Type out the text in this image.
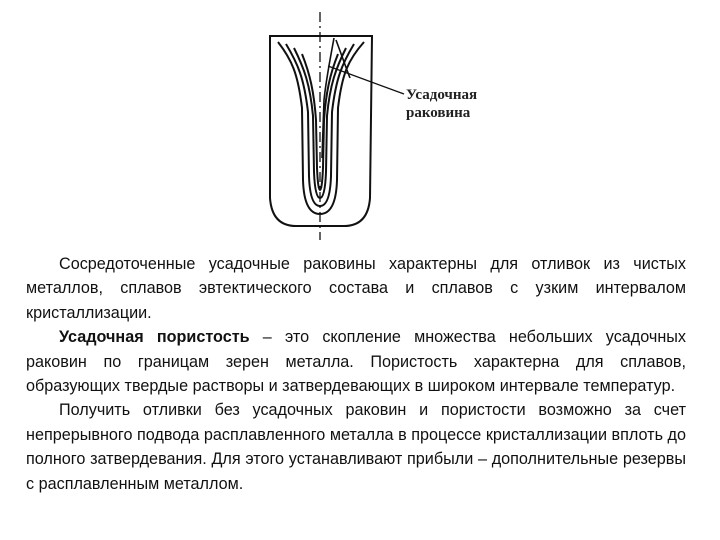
Усадочная
раковина

Сосредоточенные усадочные раковины характерны для отливок из чистых металлов, сплавов эвтектического состава и сплавов с узким интервалом кристаллизации.

Усадочная пористость – это скопление множества небольших усадочных раковин по границам зерен металла. Пористость характерна для сплавов, образующих твердые растворы и затвердевающих в широком интервале температур.

Получить отливки без усадочных раковин и пористости возможно за счет непрерывного подвода расплавленного металла в процессе кристаллизации вплоть до полного затвердевания. Для этого устанавливают прибыли – дополнительные резервы с расплавленным металлом.
